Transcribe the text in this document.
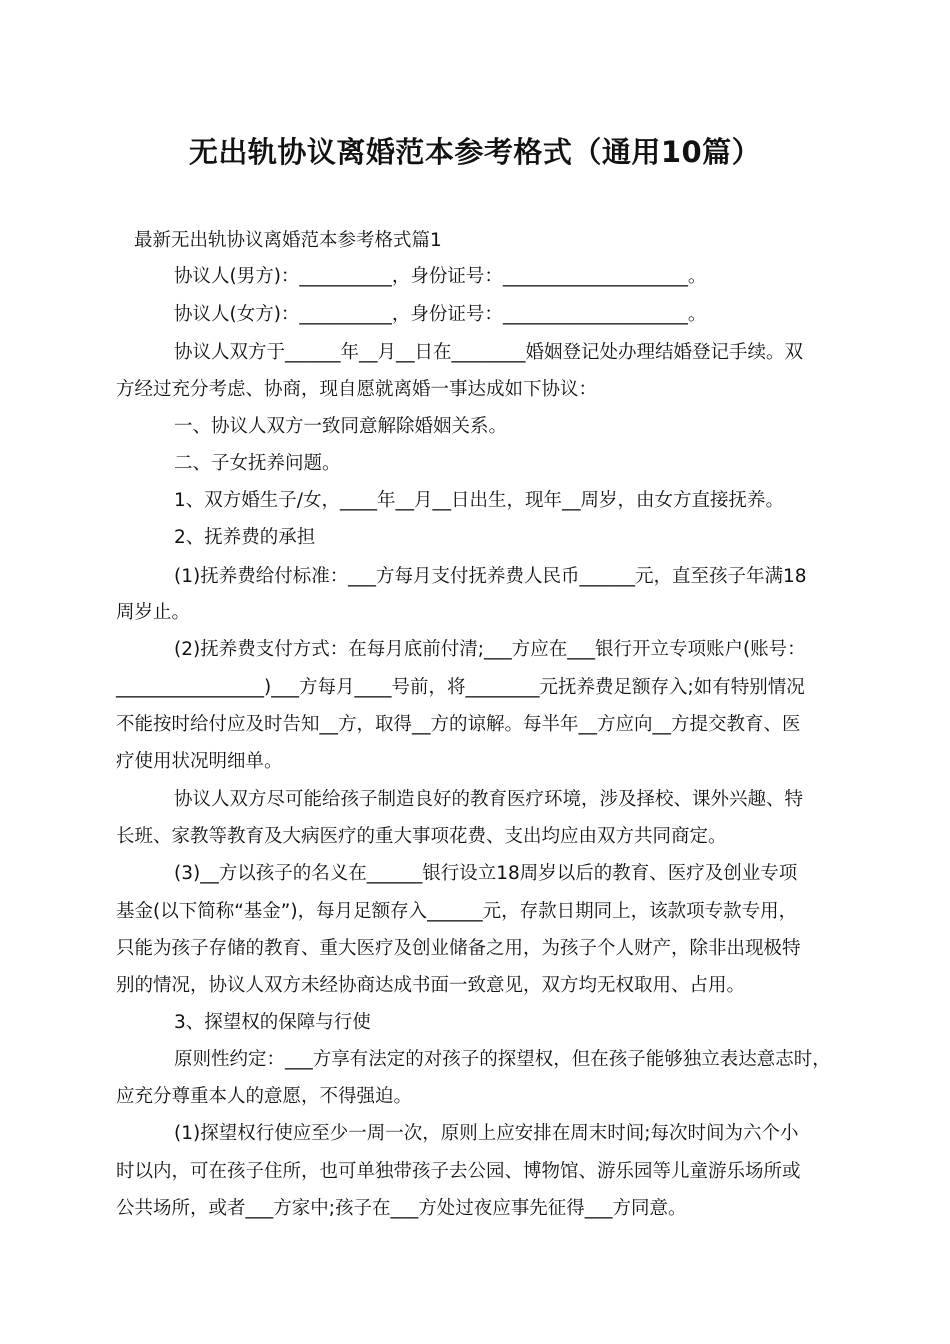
无出轨协议离婚范本参考格式（通用10篇）
最新无出轨协议离婚范本参考格式篇1
协议人(男方)：__________，身份证号：____________________。
协议人(女方)：__________，身份证号：____________________。
协议人双方于______年__月__日在________婚姻登记处办理结婚登记手续。双
方经过充分考虑、协商，现自愿就离婚一事达成如下协议：
一、协议人双方一致同意解除婚姻关系。
二、子女抚养问题。
1、双方婚生子/女，____年__月__日出生，现年__周岁，由女方直接抚养。
2、抚养费的承担
(1)抚养费给付标准：___方每月支付抚养费人民币______元，直至孩子年满18
周岁止。
(2)抚养费支付方式：在每月底前付清;___方应在___银行开立专项账户(账号：
________________)___方每月____号前，将________元抚养费足额存入;如有特别情况
不能按时给付应及时告知__方，取得__方的谅解。每半年__方应向__方提交教育、医
疗使用状况明细单。
协议人双方尽可能给孩子制造良好的教育医疗环境，涉及择校、课外兴趣、特
长班、家教等教育及大病医疗的重大事项花费、支出均应由双方共同商定。
(3)__方以孩子的名义在______银行设立18周岁以后的教育、医疗及创业专项
基金(以下简称“基金”)，每月足额存入______元，存款日期同上，该款项专款专用，
只能为孩子存储的教育、重大医疗及创业储备之用，为孩子个人财产，除非出现极特
别的情况，协议人双方未经协商达成书面一致意见，双方均无权取用、占用。
3、探望权的保障与行使
原则性约定：___方享有法定的对孩子的探望权，但在孩子能够独立表达意志时，
应充分尊重本人的意愿，不得强迫。
(1)探望权行使应至少一周一次，原则上应安排在周末时间;每次时间为六个小
时以内，可在孩子住所，也可单独带孩子去公园、博物馆、游乐园等儿童游乐场所或
公共场所，或者___方家中;孩子在___方处过夜应事先征得___方同意。
